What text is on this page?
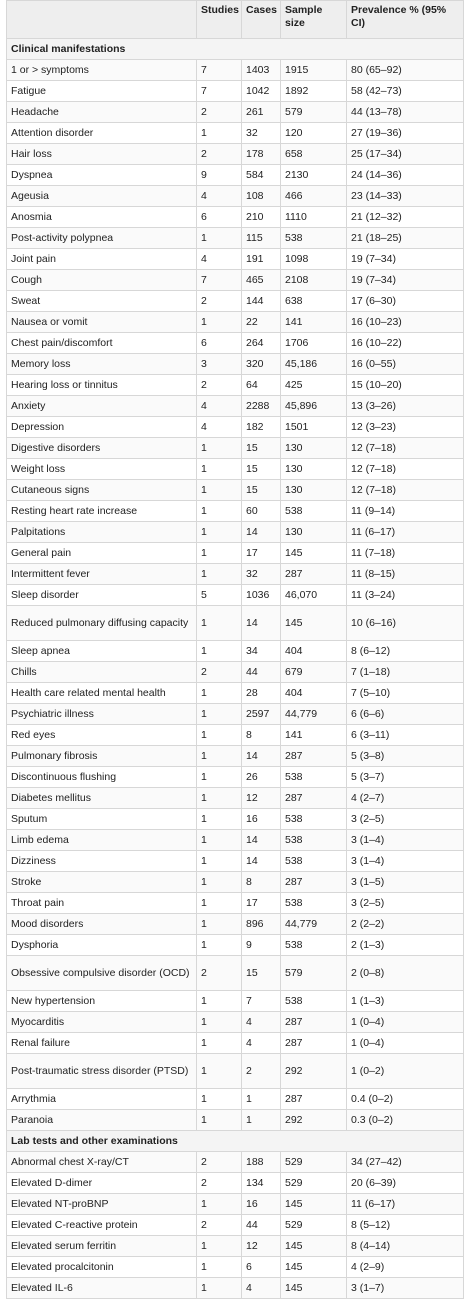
	Studies	Cases	Sample size	Prevalence % (95% CI)
Clinical manifestations				
1 or > symptoms	7	1403	1915	80 (65–92)
Fatigue	7	1042	1892	58 (42–73)
Headache	2	261	579	44 (13–78)
Attention disorder	1	32	120	27 (19–36)
Hair loss	2	178	658	25 (17–34)
Dyspnea	9	584	2130	24 (14–36)
Ageusia	4	108	466	23 (14–33)
Anosmia	6	210	1110	21 (12–32)
Post-activity polypnea	1	115	538	21 (18–25)
Joint pain	4	191	1098	19 (7–34)
Cough	7	465	2108	19 (7–34)
Sweat	2	144	638	17 (6–30)
Nausea or vomit	1	22	141	16 (10–23)
Chest pain/discomfort	6	264	1706	16 (10–22)
Memory loss	3	320	45,186	16 (0–55)
Hearing loss or tinnitus	2	64	425	15 (10–20)
Anxiety	4	2288	45,896	13 (3–26)
Depression	4	182	1501	12 (3–23)
Digestive disorders	1	15	130	12 (7–18)
Weight loss	1	15	130	12 (7–18)
Cutaneous signs	1	15	130	12 (7–18)
Resting heart rate increase	1	60	538	11 (9–14)
Palpitations	1	14	130	11 (6–17)
General pain	1	17	145	11 (7–18)
Intermittent fever	1	32	287	11 (8–15)
Sleep disorder	5	1036	46,070	11 (3–24)
Reduced pulmonary diffusing capacity	1	14	145	10 (6–16)
Sleep apnea	1	34	404	8 (6–12)
Chills	2	44	679	7 (1–18)
Health care related mental health	1	28	404	7 (5–10)
Psychiatric illness	1	2597	44,779	6 (6–6)
Red eyes	1	8	141	6 (3–11)
Pulmonary fibrosis	1	14	287	5 (3–8)
Discontinuous flushing	1	26	538	5 (3–7)
Diabetes mellitus	1	12	287	4 (2–7)
Sputum	1	16	538	3 (2–5)
Limb edema	1	14	538	3 (1–4)
Dizziness	1	14	538	3 (1–4)
Stroke	1	8	287	3 (1–5)
Throat pain	1	17	538	3 (2–5)
Mood disorders	1	896	44,779	2 (2–2)
Dysphoria	1	9	538	2 (1–3)
Obsessive compulsive disorder (OCD)	2	15	579	2 (0–8)
New hypertension	1	7	538	1 (1–3)
Myocarditis	1	4	287	1 (0–4)
Renal failure	1	4	287	1 (0–4)
Post-traumatic stress disorder (PTSD)	1	2	292	1 (0–2)
Arrythmia	1	1	287	0.4 (0–2)
Paranoia	1	1	292	0.3 (0–2)
Lab tests and other examinations				
Abnormal chest X-ray/CT	2	188	529	34 (27–42)
Elevated D-dimer	2	134	529	20 (6–39)
Elevated NT-proBNP	1	16	145	11 (6–17)
Elevated C-reactive protein	2	44	529	8 (5–12)
Elevated serum ferritin	1	12	145	8 (4–14)
Elevated procalcitonin	1	6	145	4 (2–9)
Elevated IL-6	1	4	145	3 (1–7)
